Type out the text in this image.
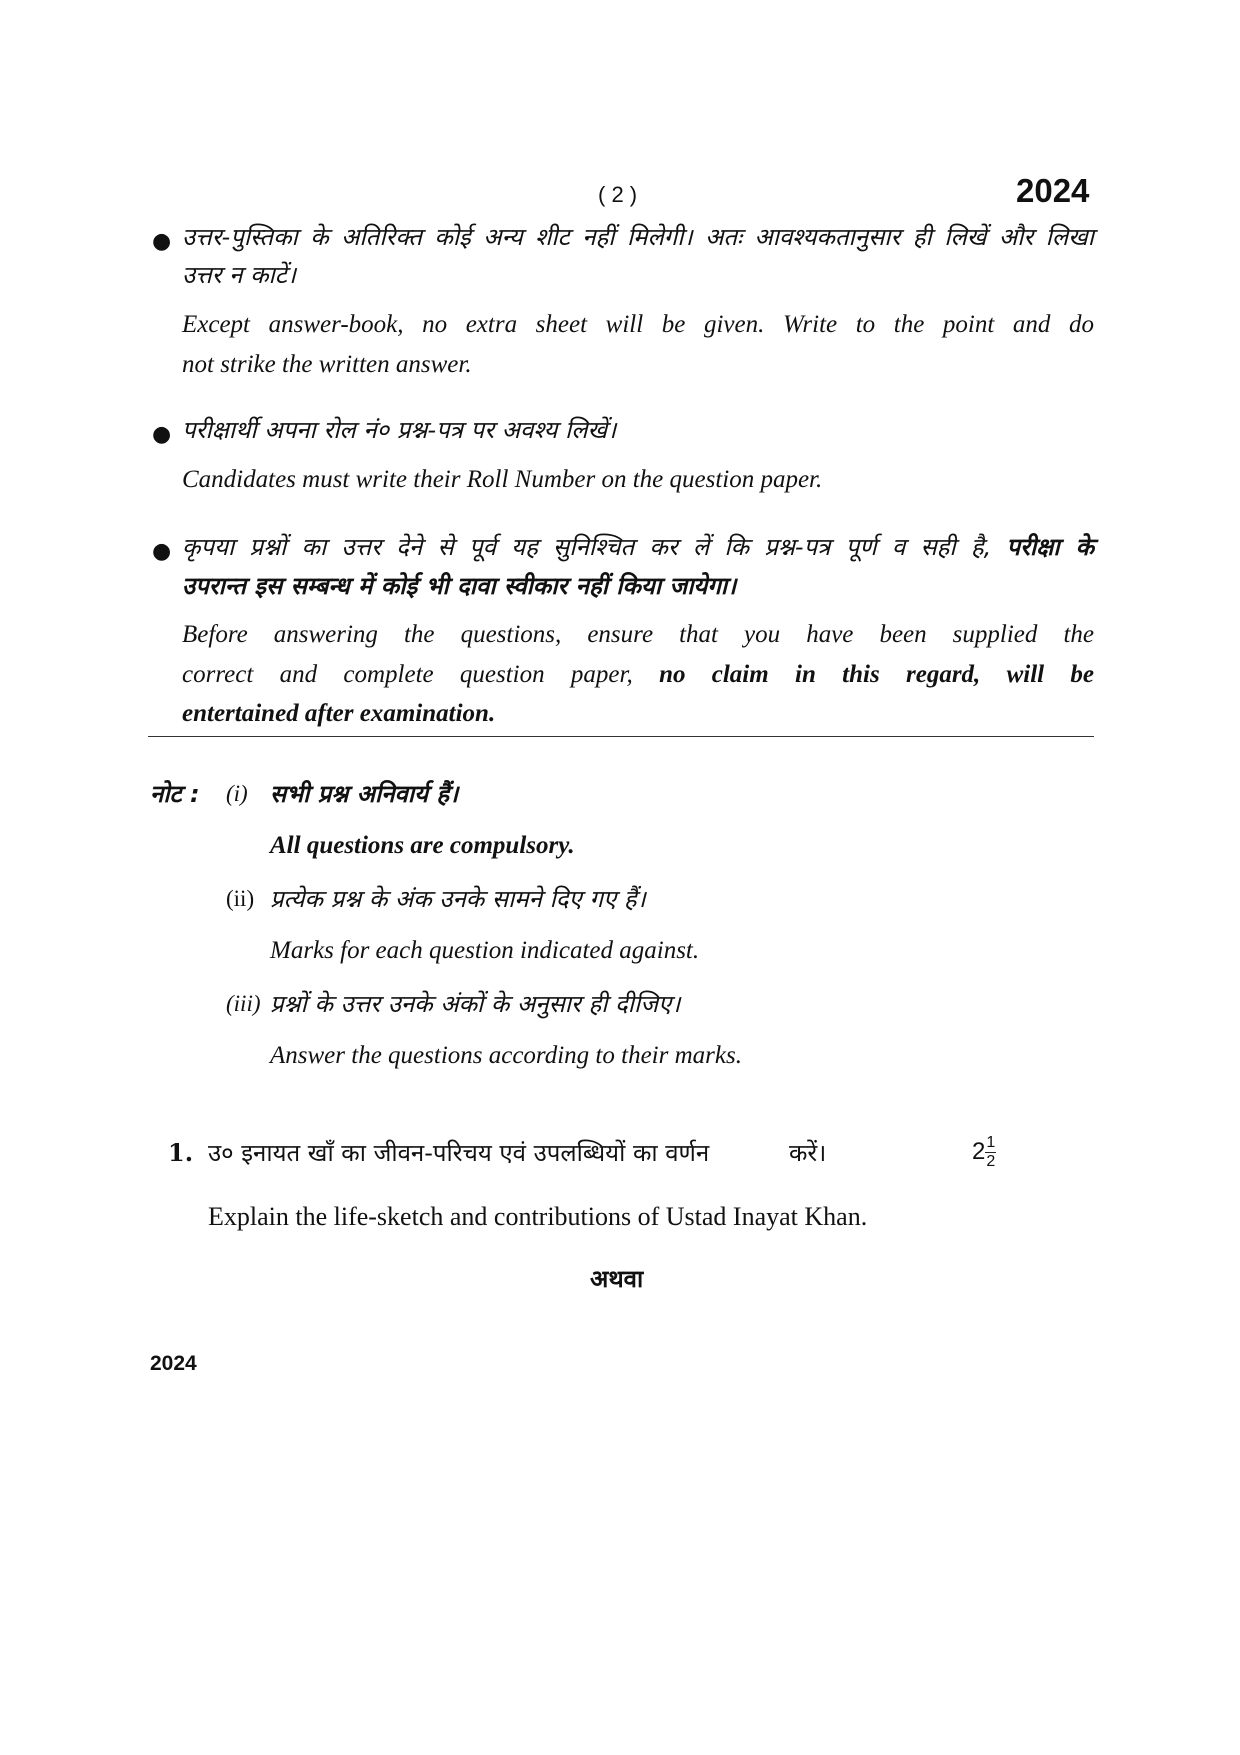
( 2 )	2024
● उत्तर-पुस्तिका के अतिरिक्त कोई अन्य शीट नहीं मिलेगी। अतः आवश्यकतानुसार ही लिखें और लिखा
उत्तर न काटें।
Except answer-book, no extra sheet will be given. Write to the point and do
not strike the written answer.
● परीक्षार्थी अपना रोल नं० प्रश्न-पत्र पर अवश्य लिखें।
Candidates must write their Roll Number on the question paper.
● कृपया प्रश्नों का उत्तर देने से पूर्व यह सुनिश्चित कर लें कि प्रश्न-पत्र पूर्ण व सही है, परीक्षा के
उपरान्त इस सम्बन्ध में कोई भी दावा स्वीकार नहीं किया जायेगा।
Before answering the questions, ensure that you have been supplied the
correct and complete question paper, no claim in this regard, will be
entertained after examination.
नोट : (i) सभी प्रश्न अनिवार्य हैं।
All questions are compulsory.
(ii) प्रत्येक प्रश्न के अंक उनके सामने दिए गए हैं।
Marks for each question indicated against.
(iii) प्रश्नों के उत्तर उनके अंकों के अनुसार ही दीजिए।
Answer the questions according to their marks.
1. उ० इनायत खाँ का जीवन-परिचय एवं उपलब्धियों का वर्णन	करें।	$2 \frac{1}{2}$
Explain the life-sketch and contributions of Ustad Inayat Khan.
अथवा
2024
